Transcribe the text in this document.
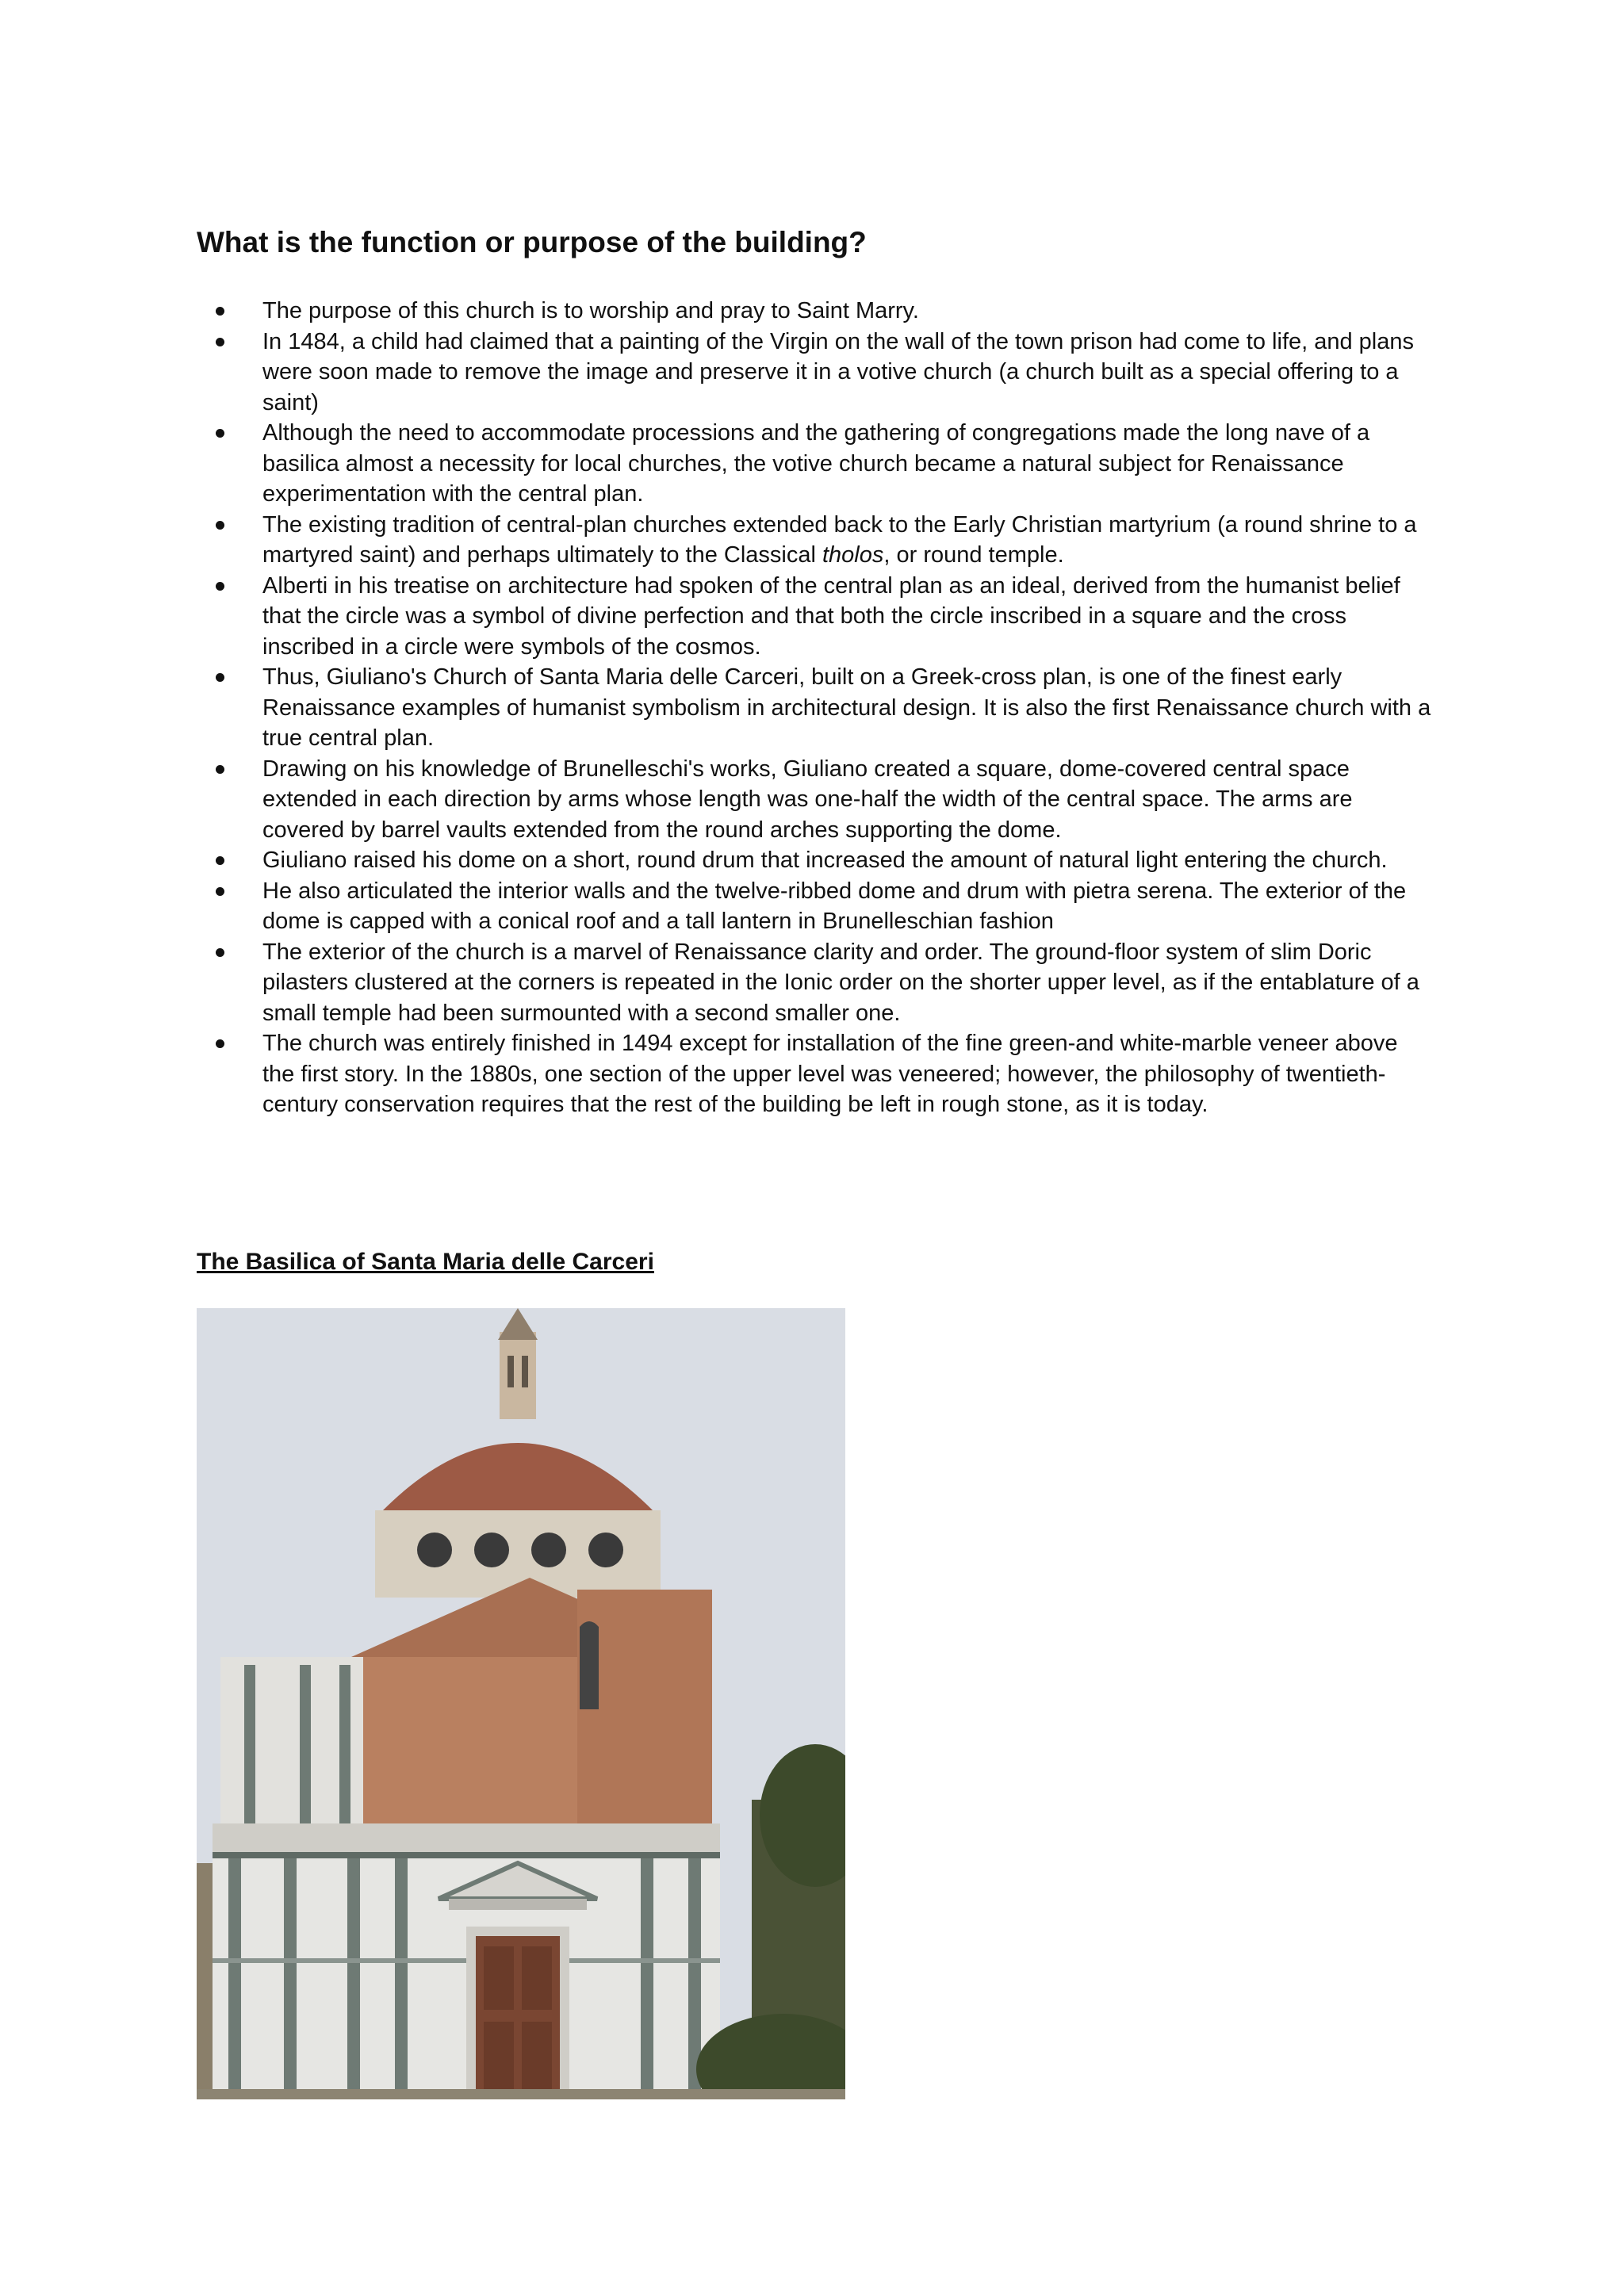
What is the function or purpose of the building?
The purpose of this church is to worship and pray to Saint Marry.
In 1484, a child had claimed that a painting of the Virgin on the wall of the town prison had come to life, and plans were soon made to remove the image and preserve it in a votive church (a church built as a special offering to a saint)
Although the need to accommodate processions and the gathering of congregations made the long nave of a basilica almost a necessity for local churches, the votive church became a natural subject for Renaissance experimentation with the central plan.
The existing tradition of central-plan churches extended back to the Early Christian martyrium (a round shrine to a martyred saint) and perhaps ultimately to the Classical tholos, or round temple.
Alberti in his treatise on architecture had spoken of the central plan as an ideal, derived from the humanist belief that the circle was a symbol of divine perfection and that both the circle inscribed in a square and the cross inscribed in a circle were symbols of the cosmos.
Thus, Giuliano's Church of Santa Maria delle Carceri, built on a Greek-cross plan, is one of the finest early Renaissance examples of humanist symbolism in architectural design. It is also the first Renaissance church with a true central plan.
Drawing on his knowledge of Brunelleschi's works, Giuliano created a square, dome-covered central space extended in each direction by arms whose length was one-half the width of the central space. The arms are covered by barrel vaults extended from the round arches supporting the dome.
Giuliano raised his dome on a short, round drum that increased the amount of natural light entering the church.
He also articulated the interior walls and the twelve-ribbed dome and drum with pietra serena. The exterior of the dome is capped with a conical roof and a tall lantern in Brunelleschian fashion
The exterior of the church is a marvel of Renaissance clarity and order. The ground-floor system of slim Doric pilasters clustered at the corners is repeated in the Ionic order on the shorter upper level, as if the entablature of a small temple had been surmounted with a second smaller one.
The church was entirely finished in 1494 except for installation of the fine green-and white-marble veneer above the first story. In the 1880s, one section of the upper level was veneered; however, the philosophy of twentieth-century conservation requires that the rest of the building be left in rough stone, as it is today.
The Basilica of Santa Maria delle Carceri
